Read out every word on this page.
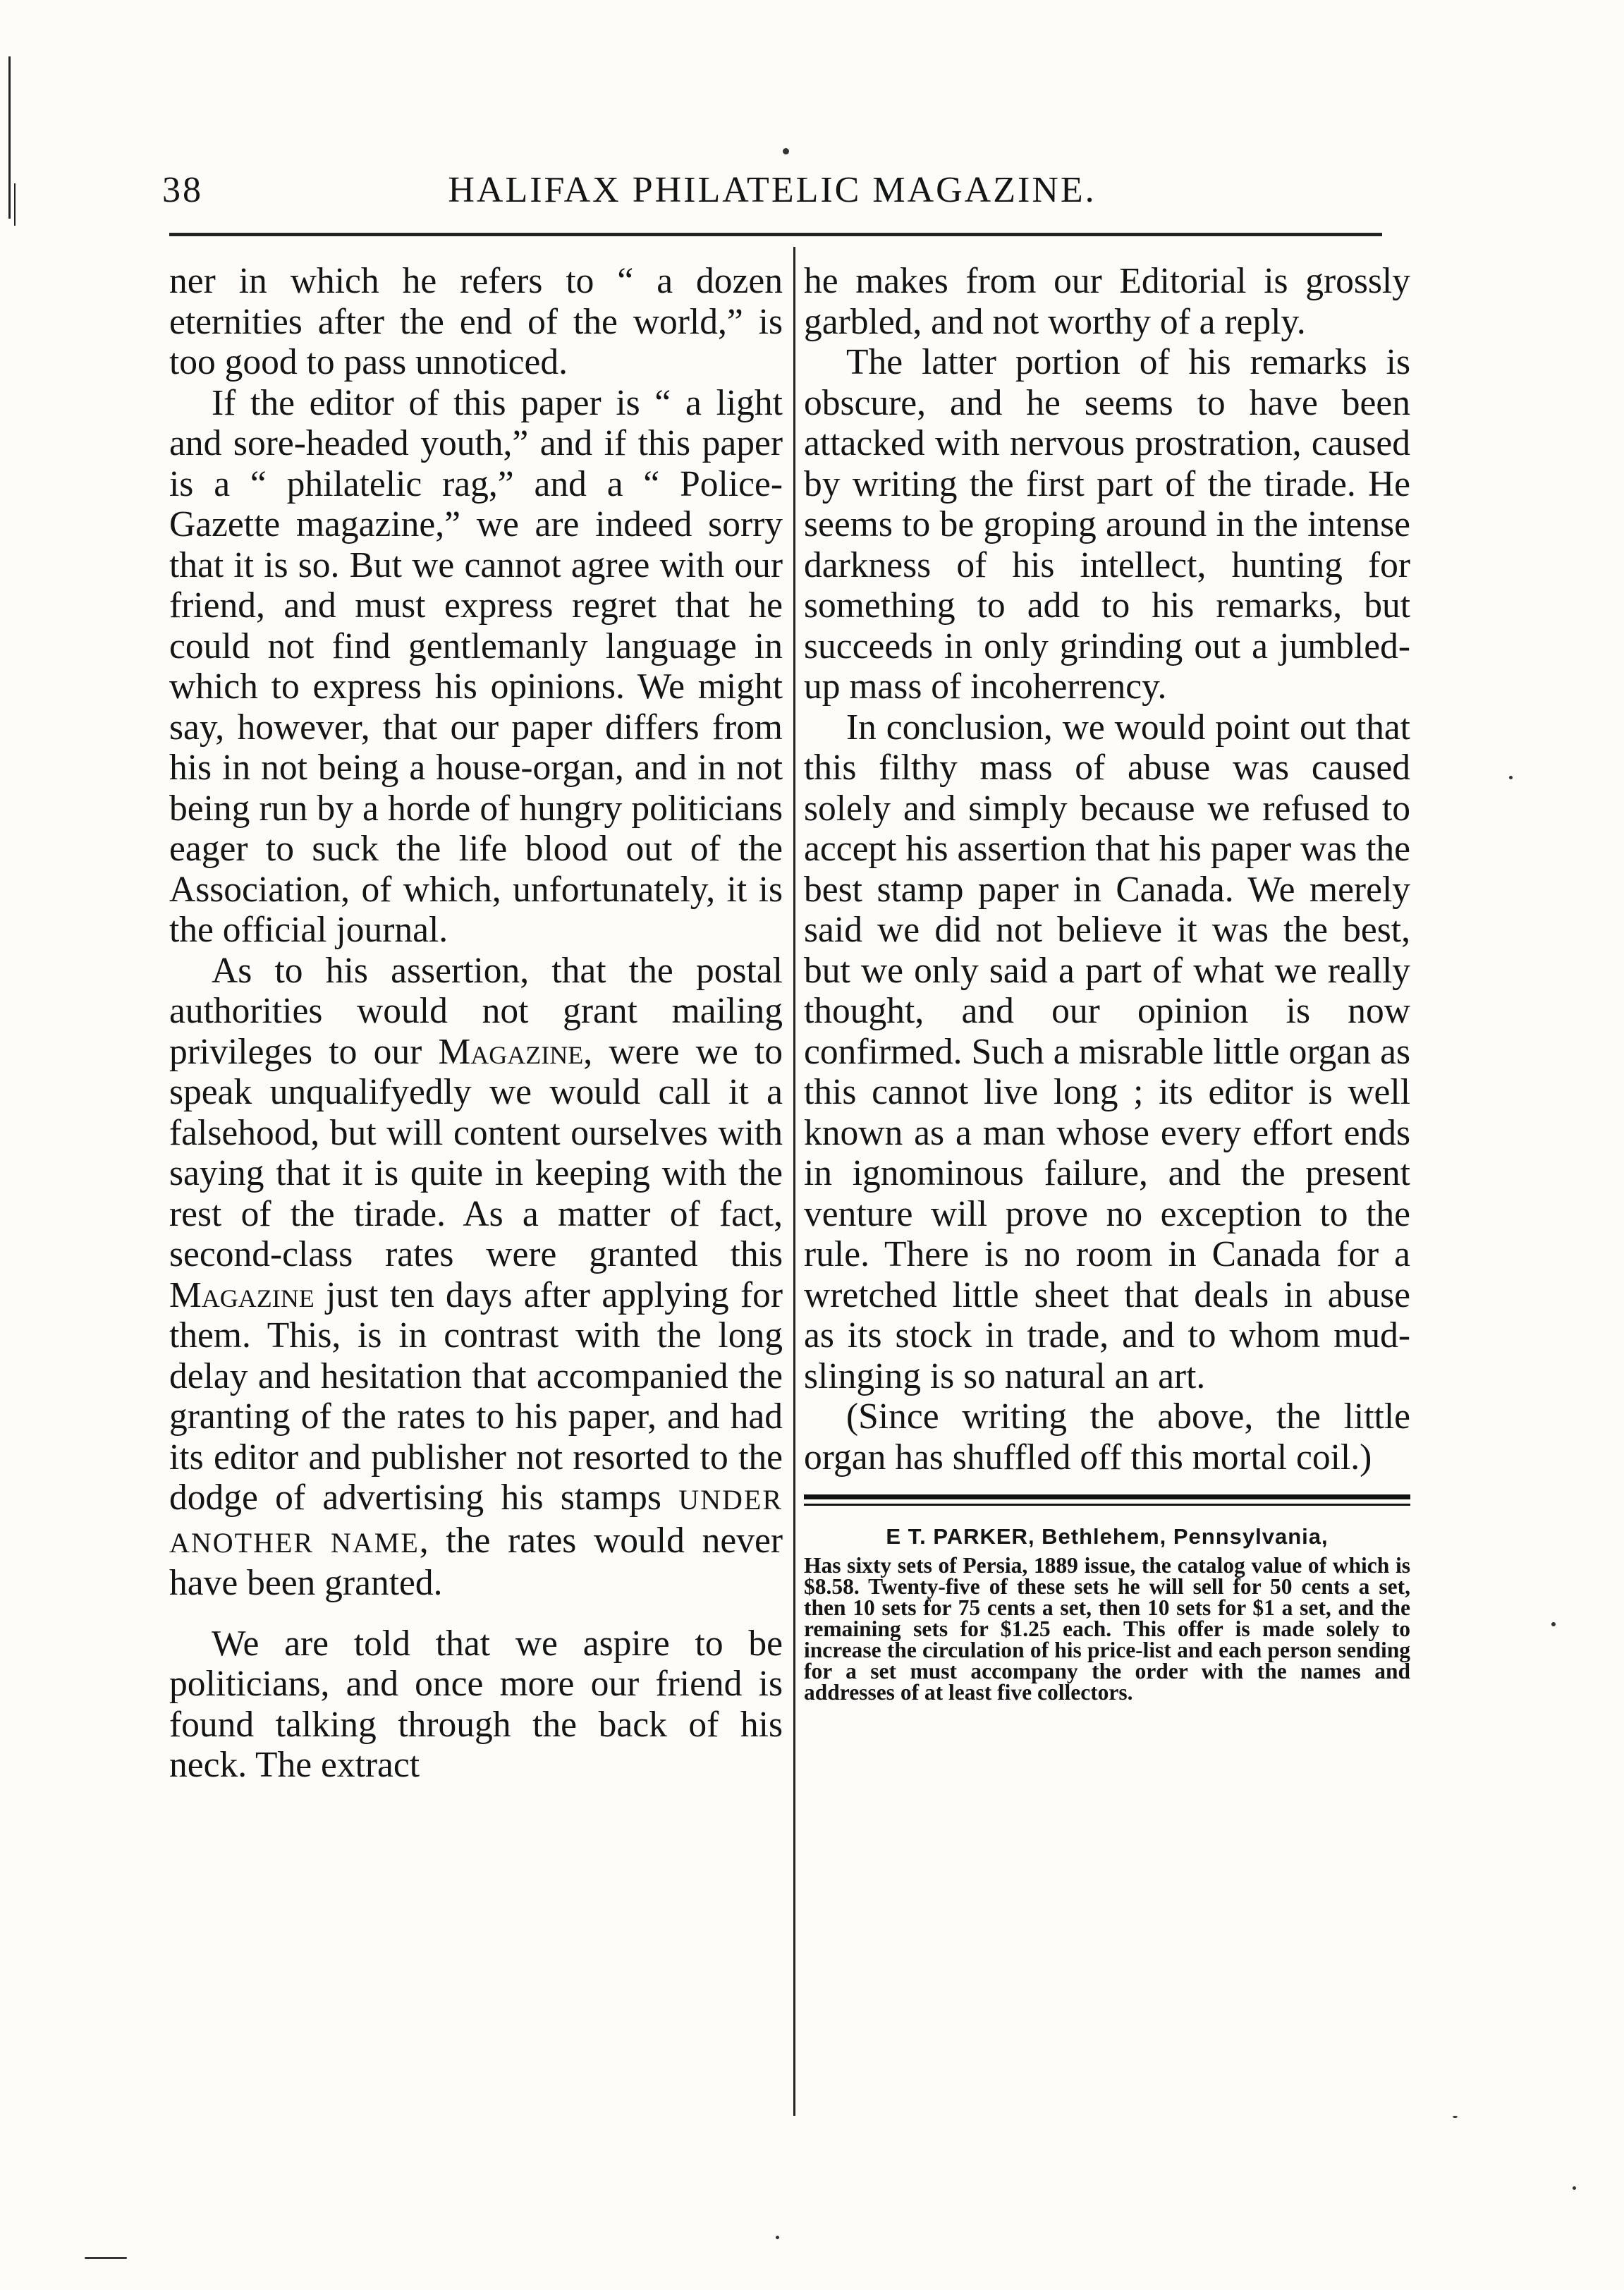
38	HALIFAX PHILATELIC MAGAZINE.

ner in which he refers to “ a dozen eternities after the end of the world,” is too good to pass unnoticed.

If the editor of this paper is “ a light and sore-headed youth,” and if this paper is a “ philatelic rag,” and a “ Police-Gazette magazine,” we are indeed sorry that it is so. But we cannot agree with our friend, and must express regret that he could not find gentlemanly language in which to express his opinions. We might say, however, that our paper differs from his in not being a house-organ, and in not being run by a horde of hungry politicians eager to suck the life blood out of the Association, of which, unfortunately, it is the official journal.

As to his assertion, that the postal authorities would not grant mailing privileges to our Magazine, were we to speak unqualifyedly we would call it a falsehood, but will content ourselves with saying that it is quite in keeping with the rest of the tirade. As a matter of fact, second-class rates were granted this Magazine just ten days after applying for them. This, is in contrast with the long delay and hesitation that accompanied the granting of the rates to his paper, and had its editor and publisher not resorted to the dodge of advertising his stamps UNDER ANOTHER NAME, the rates would never have been granted.

We are told that we aspire to be politicians, and once more our friend is found talking through the back of his neck. The extract

he makes from our Editorial is grossly garbled, and not worthy of a reply.

The latter portion of his remarks is obscure, and he seems to have been attacked with nervous prostration, caused by writing the first part of the tirade. He seems to be groping around in the intense darkness of his intellect, hunting for something to add to his remarks, but succeeds in only grinding out a jumbled-up mass of incoherrency.

In conclusion, we would point out that this filthy mass of abuse was caused solely and simply because we refused to accept his assertion that his paper was the best stamp paper in Canada. We merely said we did not believe it was the best, but we only said a part of what we really thought, and our opinion is now confirmed. Such a misrable little organ as this cannot live long ; its editor is well known as a man whose every effort ends in ignominous failure, and the present venture will prove no exception to the rule. There is no room in Canada for a wretched little sheet that deals in abuse as its stock in trade, and to whom mud-slinging is so natural an art.

(Since writing the above, the little organ has shuffled off this mortal coil.)

E T. PARKER, Bethlehem, Pennsylvania,
Has sixty sets of Persia, 1889 issue, the catalog value of which is $8.58. Twenty-five of these sets he will sell for 50 cents a set, then 10 sets for 75 cents a set, then 10 sets for $1 a set, and the remaining sets for $1.25 each. This offer is made solely to increase the circulation of his price-list and each person sending for a set must accompany the order with the names and addresses of at least five collectors.
